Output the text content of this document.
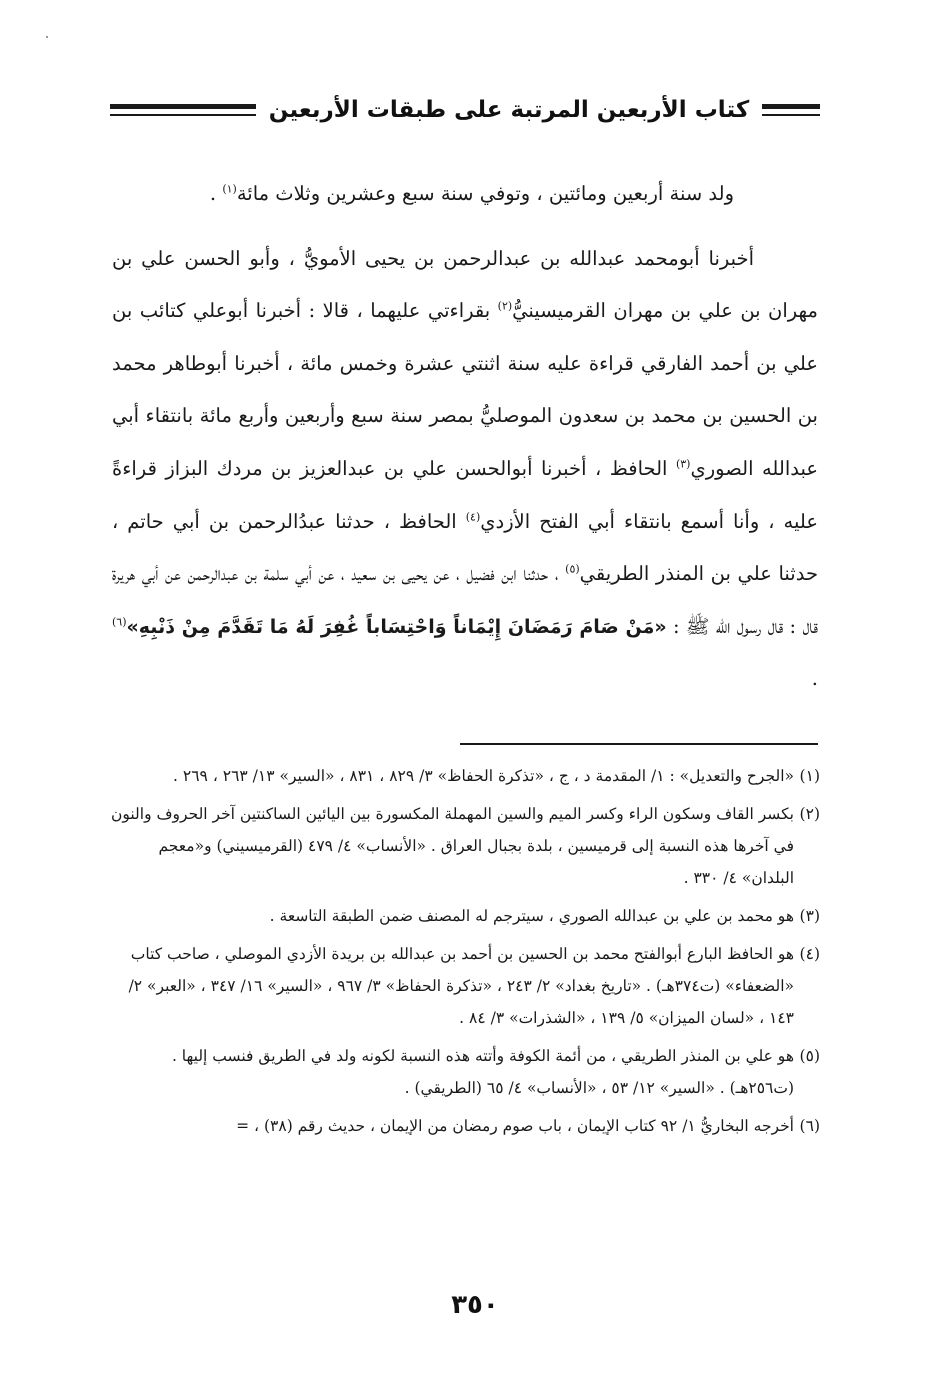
كتاب الأربعين المرتبة على طبقات الأربعين

ولد سنة أربعين ومائتين ، وتوفي سنة سبع وعشرين وثلاث مائة$^{(١)}$ .

أخبرنا أبومحمد عبدالله بن عبدالرحمن بن يحيى الأمويُّ ، وأبو الحسن علي بن مهران بن علي بن مهران القرميسينيُّ$^{(٢)}$ بقراءتي عليهما ، قالا : أخبرنا أبوعلي كتائب بن علي بن أحمد الفارقي قراءة عليه سنة اثنتي عشرة وخمس مائة ، أخبرنا أبوطاهر محمد بن الحسين بن محمد بن سعدون الموصليُّ بمصر سنة سبع وأربعين وأربع مائة بانتقاء أبي عبدالله الصوري$^{(٣)}$ الحافظ ، أخبرنا أبوالحسن علي بن عبدالعزيز بن مردك البزاز قراءةً عليه ، وأنا أسمع بانتقاء أبي الفتح الأزدي$^{(٤)}$ الحافظ ، حدثنا عبدُالرحمن بن أبي حاتم ، حدثنا علي بن المنذر الطريقي$^{(٥)}$ ، حدثنا ابن فضيل ، عن يحيى بن سعيد ، عن أبي سلمة بن عبدالرحمن عن أبي هريرة قال : قال رسول الله ﷺ : «مَنْ صَامَ رَمَضَانَ إِيْمَاناً وَاحْتِسَاباً غُفِرَ لَهُ مَا تَقَدَّمَ مِنْ ذَنْبِهِ»$^{(٦)}$ .

(١)
«الجرح والتعديل» : ١/ المقدمة د ، ج ، «تذكرة الحفاظ» ٣/ ٨٢٩ ، ٨٣١ ، «السير» ١٣/ ٢٦٣ ، ٢٦٩ .
(٢)
بكسر القاف وسكون الراء وكسر الميم والسين المهملة المكسورة بين اليائين الساكنتين آخر الحروف والنون في آخرها هذه النسبة إلى قرميسين ، بلدة بجبال العراق . «الأنساب» ٤/ ٤٧٩ (القرميسيني) و«معجم البلدان» ٤/ ٣٣٠ .
(٣)
هو محمد بن علي بن عبدالله الصوري ، سيترجم له المصنف ضمن الطبقة التاسعة .
(٤)
هو الحافظ البارع أبوالفتح محمد بن الحسين بن أحمد بن عبدالله بن بريدة الأزدي الموصلي ، صاحب كتاب «الضعفاء» (ت٣٧٤هـ) . «تاريخ بغداد» ٢/ ٢٤٣ ، «تذكرة الحفاظ» ٣/ ٩٦٧ ، «السير» ١٦/ ٣٤٧ ، «العبر» ٢/ ١٤٣ ، «لسان الميزان» ٥/ ١٣٩ ، «الشذرات» ٣/ ٨٤ .
(٥)
هو علي بن المنذر الطريقي ، من أئمة الكوفة وأتته هذه النسبة لكونه ولد في الطريق فنسب إليها . (ت٢٥٦هـ) . «السير» ١٢/ ٥٣ ، «الأنساب» ٤/ ٦٥ (الطريقي) .
(٦)
أخرجه البخاريُّ ١/ ٩٢ كتاب الإيمان ، باب صوم رمضان من الإيمان ، حديث رقم (٣٨) ، =
٣٥٠
